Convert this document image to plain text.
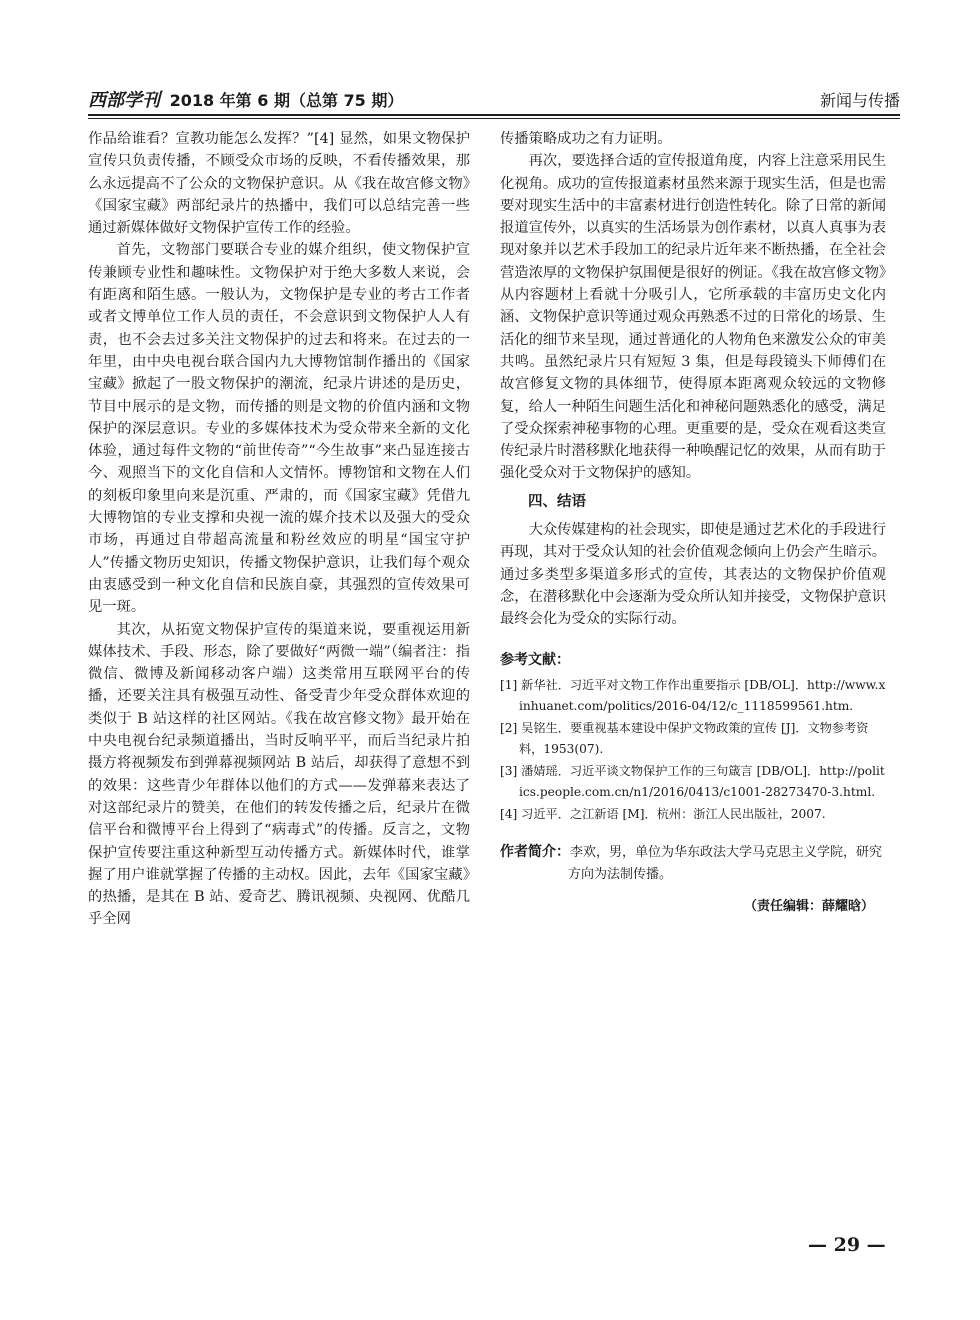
西部学刊 2018 年第 6 期（总第 75 期）	新闻与传播

作品给谁看？宣教功能怎么发挥？”[4] 显然，如果文物保护宣传只负责传播，不顾受众市场的反映，不看传播效果，那么永远提高不了公众的文物保护意识。从《我在故宫修文物》《国家宝藏》两部纪录片的热播中，我们可以总结完善一些通过新媒体做好文物保护宣传工作的经验。

首先，文物部门要联合专业的媒介组织，使文物保护宣传兼顾专业性和趣味性。文物保护对于绝大多数人来说，会有距离和陌生感。一般认为，文物保护是专业的考古工作者或者文博单位工作人员的责任，不会意识到文物保护人人有责，也不会去过多关注文物保护的过去和将来。在过去的一年里，由中央电视台联合国内九大博物馆制作播出的《国家宝藏》掀起了一股文物保护的潮流，纪录片讲述的是历史，节目中展示的是文物，而传播的则是文物的价值内涵和文物保护的深层意识。专业的多媒体技术为受众带来全新的文化体验，通过每件文物的“前世传奇”“今生故事”来凸显连接古今、观照当下的文化自信和人文情怀。博物馆和文物在人们的刻板印象里向来是沉重、严肃的，而《国家宝藏》凭借九大博物馆的专业支撑和央视一流的媒介技术以及强大的受众市场，再通过自带超高流量和粉丝效应的明星“国宝守护人”传播文物历史知识，传播文物保护意识，让我们每个观众由衷感受到一种文化自信和民族自豪，其强烈的宣传效果可见一斑。

其次，从拓宽文物保护宣传的渠道来说，要重视运用新媒体技术、手段、形态，除了要做好“两微一端”（编者注：指微信、微博及新闻移动客户端）这类常用互联网平台的传播，还要关注具有极强互动性、备受青少年受众群体欢迎的类似于 B 站这样的社区网站。《我在故宫修文物》最开始在中央电视台纪录频道播出，当时反响平平，而后当纪录片拍摄方将视频发布到弹幕视频网站 B 站后，却获得了意想不到的效果：这些青少年群体以他们的方式——发弹幕来表达了对这部纪录片的赞美，在他们的转发传播之后，纪录片在微信平台和微博平台上得到了“病毒式”的传播。反言之，文物保护宣传要注重这种新型互动传播方式。新媒体时代，谁掌握了用户谁就掌握了传播的主动权。因此，去年《国家宝藏》的热播，是其在 B 站、爱奇艺、腾讯视频、央视网、优酷几乎全网

传播策略成功之有力证明。

再次，要选择合适的宣传报道角度，内容上注意采用民生化视角。成功的宣传报道素材虽然来源于现实生活，但是也需要对现实生活中的丰富素材进行创造性转化。除了日常的新闻报道宣传外，以真实的生活场景为创作素材，以真人真事为表现对象并以艺术手段加工的纪录片近年来不断热播，在全社会营造浓厚的文物保护氛围便是很好的例证。《我在故宫修文物》从内容题材上看就十分吸引人，它所承载的丰富历史文化内涵、文物保护意识等通过观众再熟悉不过的日常化的场景、生活化的细节来呈现，通过普通化的人物角色来激发公众的审美共鸣。虽然纪录片只有短短 3 集，但是每段镜头下师傅们在故宫修复文物的具体细节，使得原本距离观众较远的文物修复，给人一种陌生问题生活化和神秘问题熟悉化的感受，满足了受众探索神秘事物的心理。更重要的是，受众在观看这类宣传纪录片时潜移默化地获得一种唤醒记忆的效果，从而有助于强化受众对于文物保护的感知。

四、结语

大众传媒建构的社会现实，即使是通过艺术化的手段进行再现，其对于受众认知的社会价值观念倾向上仍会产生暗示。通过多类型多渠道多形式的宣传，其表达的文物保护价值观念，在潜移默化中会逐渐为受众所认知并接受，文物保护意识最终会化为受众的实际行动。

参考文献：

[1] 新华社．习近平对文物工作作出重要指示 [DB/OL]．http://www.xinhuanet.com/politics/2016-04/12/c_1118599561.htm.

[2] 吴铭生．要重视基本建设中保护文物政策的宣传 [J]．文物参考资料，1953(07).

[3] 潘婧瑶．习近平谈文物保护工作的三句箴言 [DB/OL]．http://politics.people.com.cn/n1/2016/0413/c1001-28273470-3.html.

[4] 习近平．之江新语 [M]．杭州：浙江人民出版社，2007.

作者简介：李欢，男，单位为华东政法大学马克思主义学院，研究方向为法制传播。
（责任编辑：薛耀晗）
— 29 —
